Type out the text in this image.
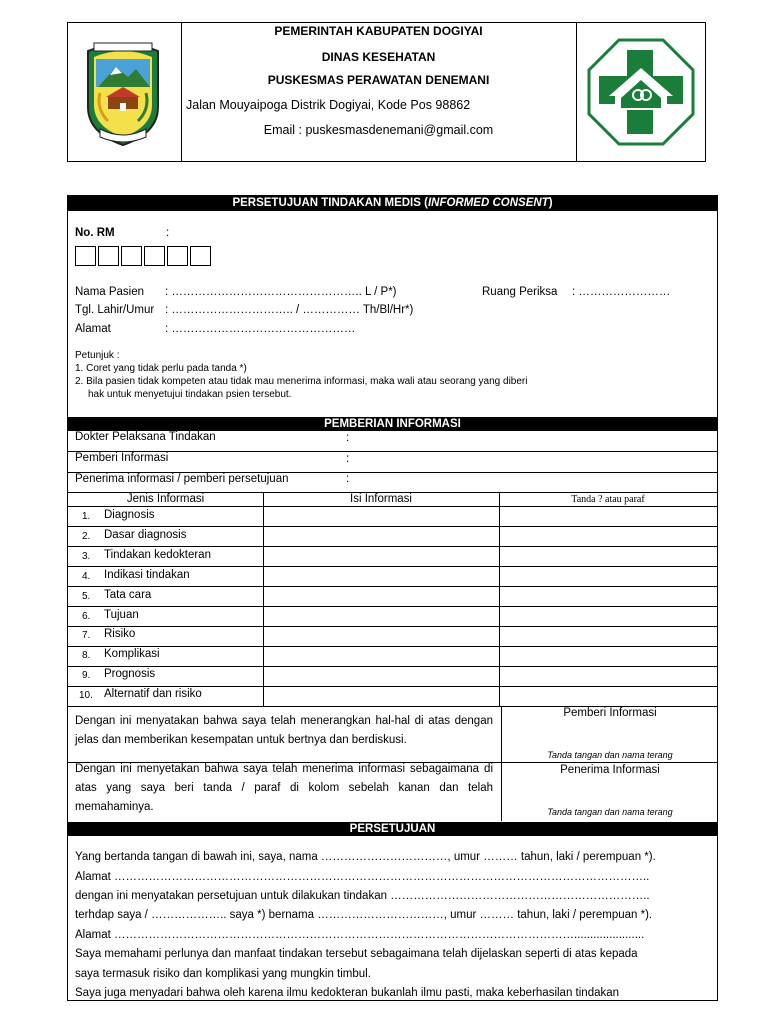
PEMERINTAH KABUPATEN DOGIYAI
DINAS KESEHATAN
PUSKESMAS PERAWATAN DENEMANI
Jalan Mouyaipoga Distrik Dogiyai, Kode Pos 98862
Email : puskesmasdenemani@gmail.com
PERSETUJUAN TINDAKAN MEDIS (INFORMED CONSENT)
No. RM	:
Nama Pasien : ………………………………………….. L / P*)	Ruang Periksa : ……………………
Tgl. Lahir/Umur : ………………………….. / …………… Th/Bl/Hr*)
Alamat	: …………………………………………
Petunjuk :
1. Coret yang tidak perlu pada tanda *)
2. Bila pasien tidak kompeten atau tidak mau menerima informasi, maka wali atau seorang yang diberi
hak untuk menyetujui tindakan psien tersebut.
PEMBERIAN INFORMASI
Dokter Pelaksana Tindakan	:
Pemberi Informasi	:
Penerima informasi / pemberi persetujuan	:
Jenis Informasi	Isi Informasi	Tanda ? atau paraf
1. Diagnosis
2. Dasar diagnosis
3. Tindakan kedokteran
4. Indikasi tindakan
5. Tata cara
6. Tujuan
7. Risiko
8. Komplikasi
9. Prognosis
10. Alternatif dan risiko
Dengan ini menyatakan bahwa saya telah menerangkan hal-hal di atas dengan jelas dan memberikan kesempatan untuk bertnya dan berdiskusi.
Pemberi Informasi
Tanda tangan dan nama terang
Dengan ini menyetakan bahwa saya telah menerima informasi sebagaimana di atas yang saya beri tanda / paraf di kolom sebelah kanan dan telah memahaminya.
Penerima Informasi
Tanda tangan dan nama terang
PERSETUJUAN
Yang bertanda tangan di bawah ini, saya, nama ……………………………, umur ……… tahun, laki / perempuan *).
Alamat …………………………………………………………………………………………………………………………..
dengan ini menyatakan persetujuan untuk dilakukan tindakan …………………………………………………………..
terhdap saya / ……………….. saya *) bernama ……………………………, umur ……… tahun, laki / perempuan *).
Alamat …………………………………………………………………………………………………………......................
Saya memahami perlunya dan manfaat tindakan tersebut sebagaimana telah dijelaskan seperti di atas kepada
saya termasuk risiko dan komplikasi yang mungkin timbul.
Saya juga menyadari bahwa oleh karena ilmu kedokteran bukanlah ilmu pasti, maka keberhasilan tindakan
